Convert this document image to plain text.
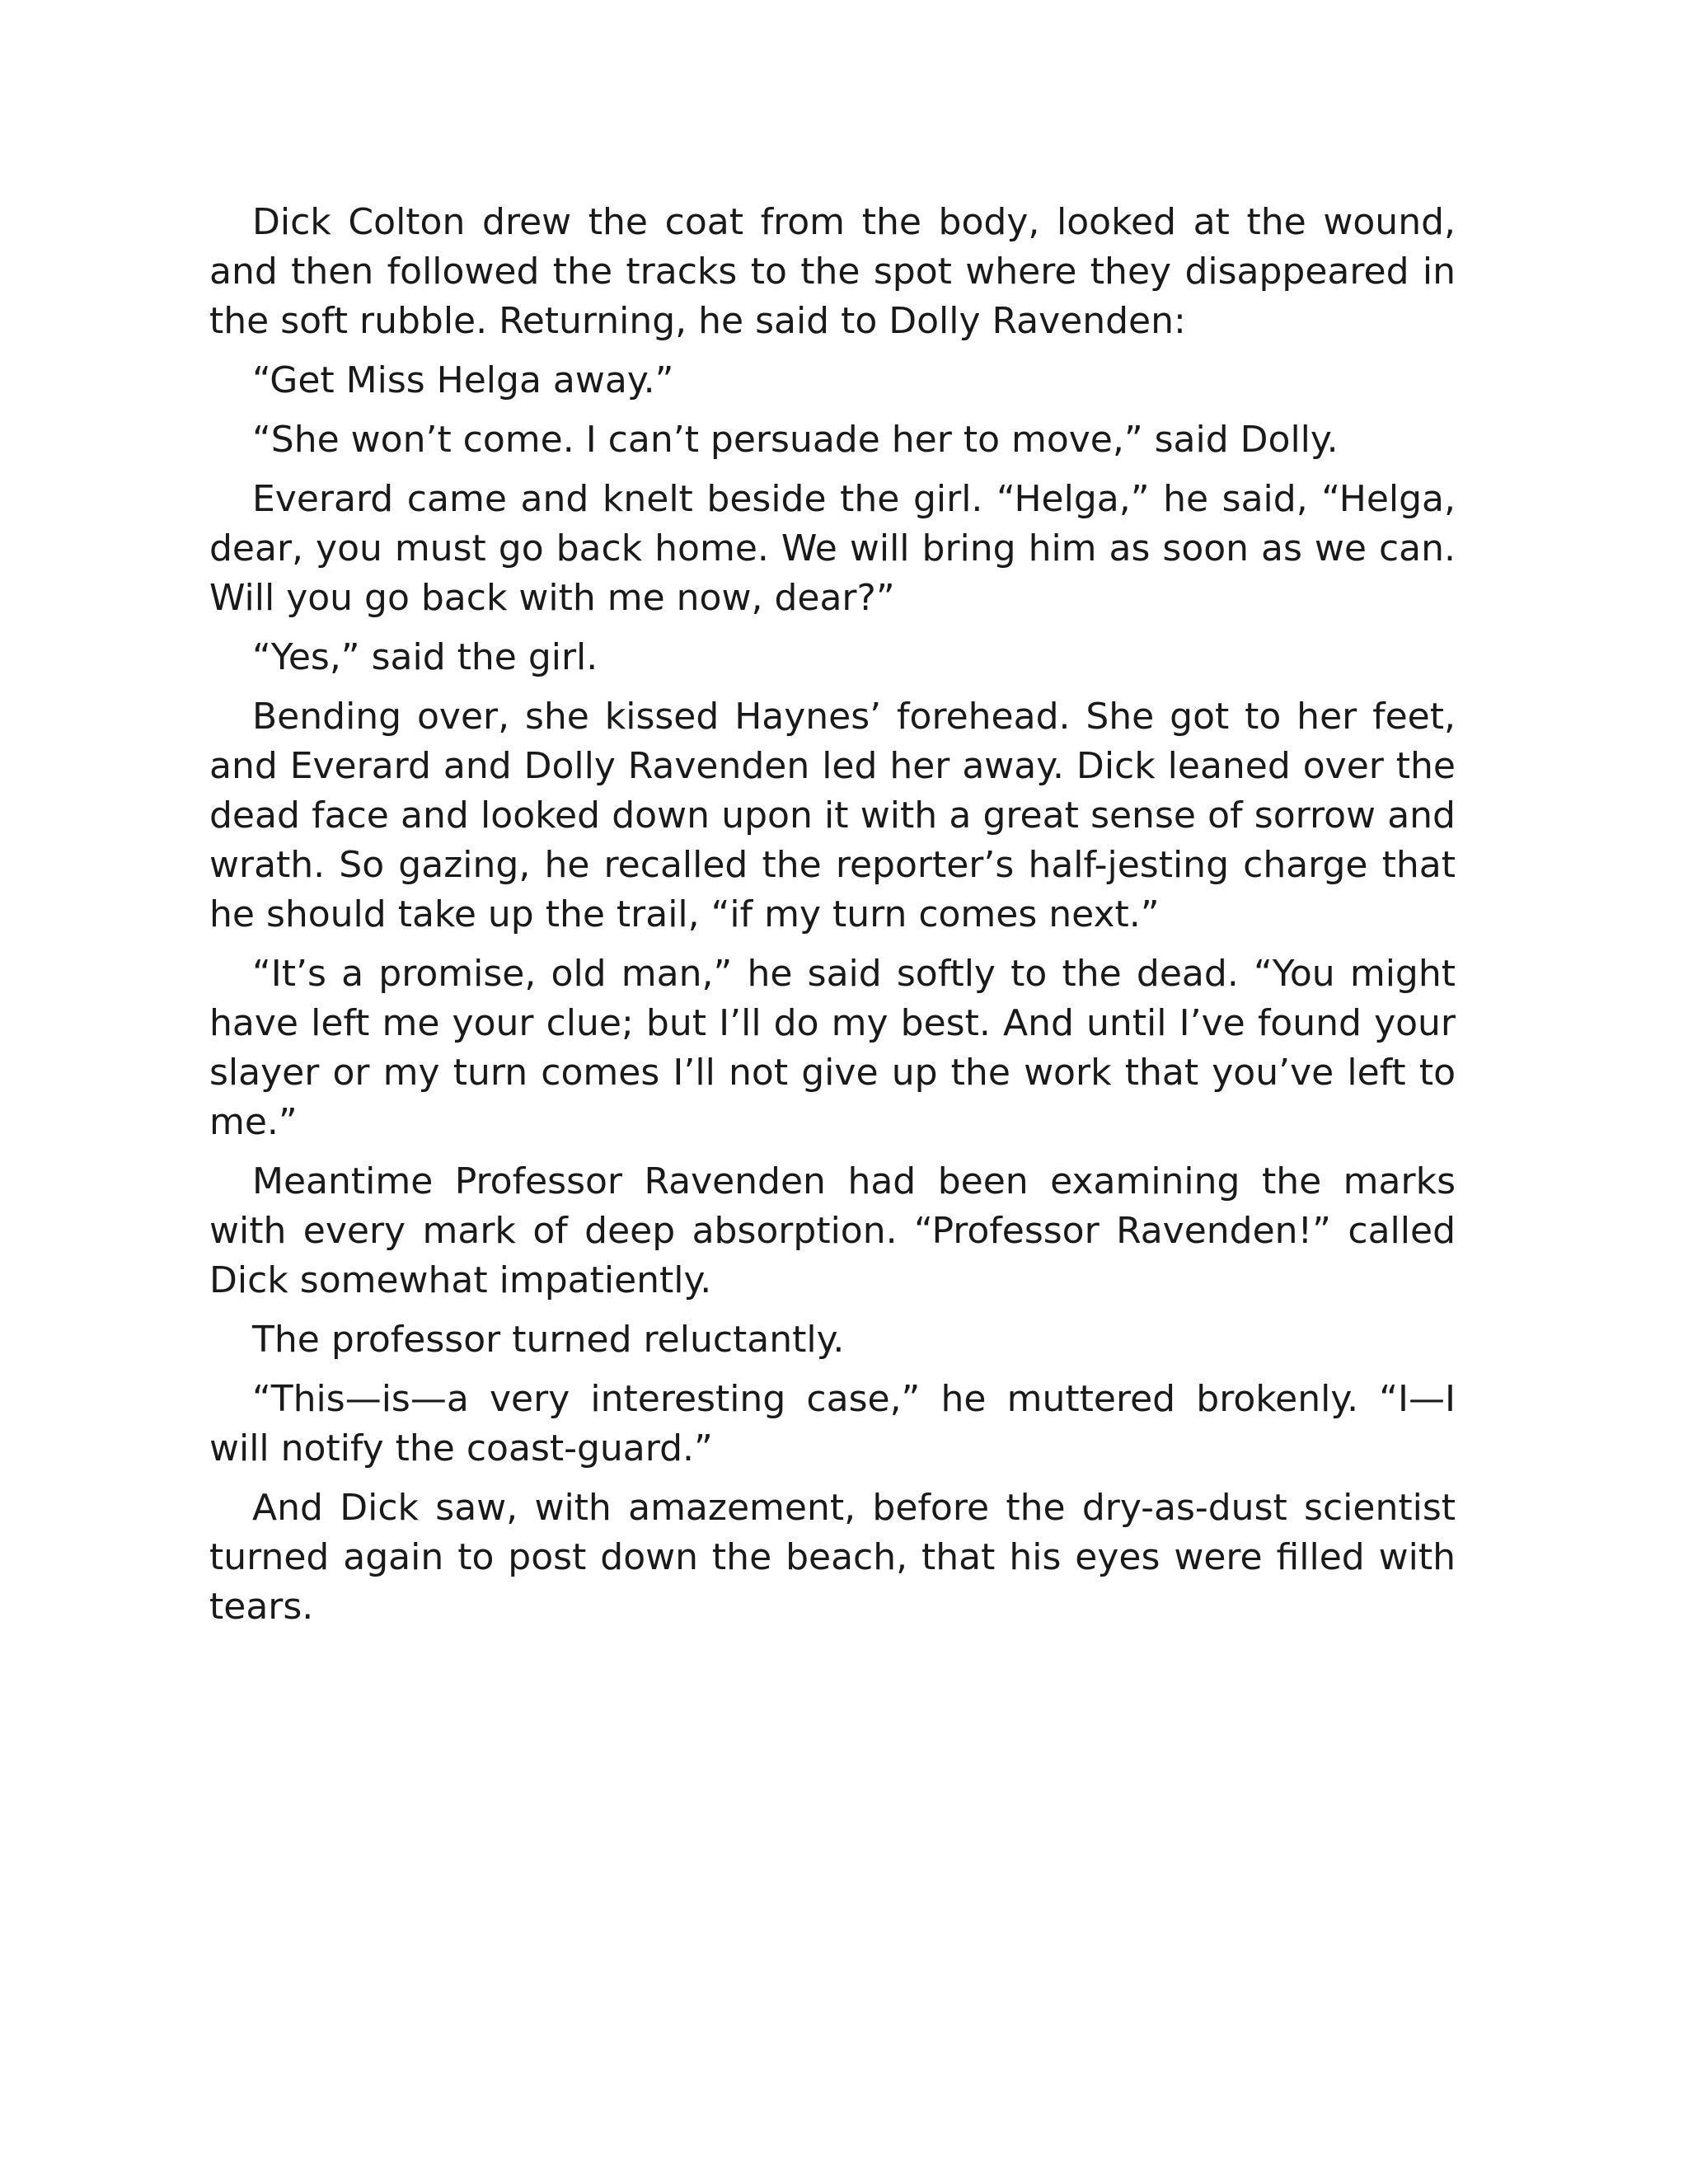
Dick Colton drew the coat from the body, looked at the wound, and then followed the tracks to the spot where they disappeared in the soft rubble. Returning, he said to Dolly Ravenden:

“Get Miss Helga away.”

“She won’t come. I can’t persuade her to move,” said Dolly.

Everard came and knelt beside the girl. “Helga,” he said, “Helga, dear, you must go back home. We will bring him as soon as we can. Will you go back with me now, dear?”

“Yes,” said the girl.

Bending over, she kissed Haynes’ forehead. She got to her feet, and Everard and Dolly Ravenden led her away. Dick leaned over the dead face and looked down upon it with a great sense of sorrow and wrath. So gazing, he recalled the reporter’s half-jesting charge that he should take up the trail, “if my turn comes next.”

“It’s a promise, old man,” he said softly to the dead. “You might have left me your clue; but I’ll do my best. And until I’ve found your slayer or my turn comes I’ll not give up the work that you’ve left to me.”

Meantime Professor Ravenden had been examining the marks with every mark of deep absorption. “Professor Ravenden!” called Dick somewhat impatiently.

The professor turned reluctantly.

“This—is—a very interesting case,” he muttered brokenly. “I—I will notify the coast-guard.”

And Dick saw, with amazement, before the dry-as-dust scientist turned again to post down the beach, that his eyes were filled with tears.
